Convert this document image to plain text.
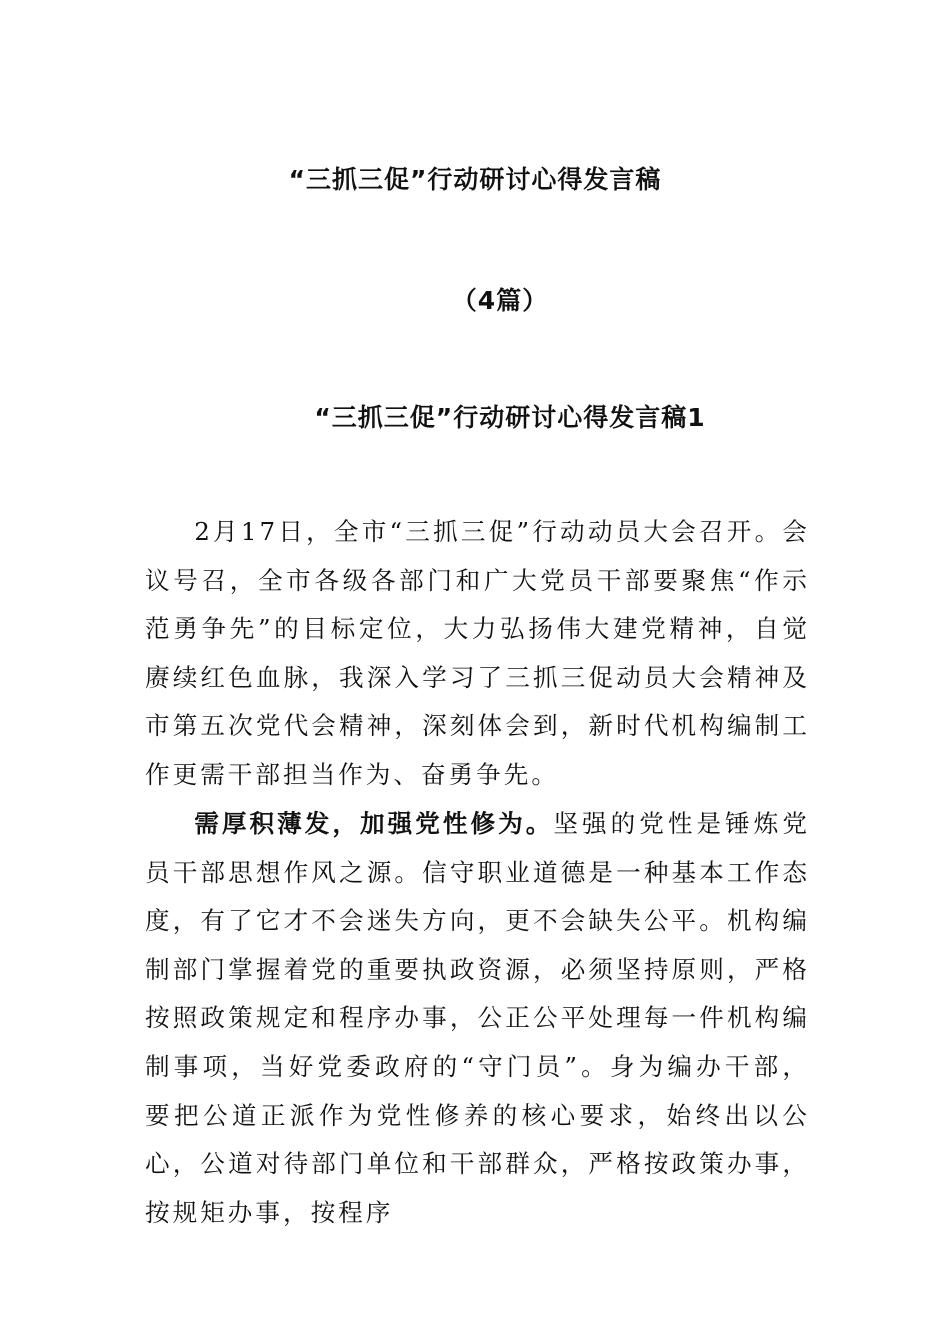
“三抓三促”行动研讨心得发言稿
（4篇）
“三抓三促”行动研讨心得发言稿1

2月17日，全市“三抓三促”行动动员大会召开。会议号召，全市各级各部门和广大党员干部要聚焦“作示范勇争先”的目标定位，大力弘扬伟大建党精神，自觉赓续红色血脉，我深入学习了三抓三促动员大会精神及市第五次党代会精神，深刻体会到，新时代机构编制工作更需干部担当作为、奋勇争先。

需厚积薄发，加强党性修为。坚强的党性是锤炼党员干部思想作风之源。信守职业道德是一种基本工作态度，有了它才不会迷失方向，更不会缺失公平。机构编制部门掌握着党的重要执政资源，必须坚持原则，严格按照政策规定和程序办事，公正公平处理每一件机构编制事项，当好党委政府的“守门员”。身为编办干部，要把公道正派作为党性修养的核心要求，始终出以公心，公道对待部门单位和干部群众，严格按政策办事，按规矩办事，按程序
